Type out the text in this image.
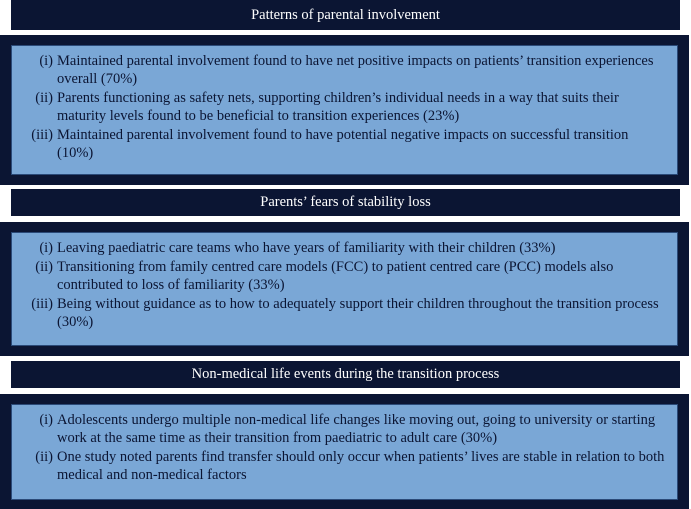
Patterns of parental involvement
(i) Maintained parental involvement found to have net positive impacts on patients’ transition experiences overall (70%)
(ii) Parents functioning as safety nets, supporting children’s individual needs in a way that suits their maturity levels found to be beneficial to transition experiences (23%)
(iii) Maintained parental involvement found to have potential negative impacts on successful transition (10%)
Parents’ fears of stability loss
(i) Leaving paediatric care teams who have years of familiarity with their children (33%)
(ii) Transitioning from family centred care models (FCC) to patient centred care (PCC) models also contributed to loss of familiarity (33%)
(iii) Being without guidance as to how to adequately support their children throughout the transition process (30%)
Non-medical life events during the transition process
(i) Adolescents undergo multiple non-medical life changes like moving out, going to university or starting work at the same time as their transition from paediatric to adult care (30%)
(ii) One study noted parents find transfer should only occur when patients’ lives are stable in relation to both medical and non-medical factors
